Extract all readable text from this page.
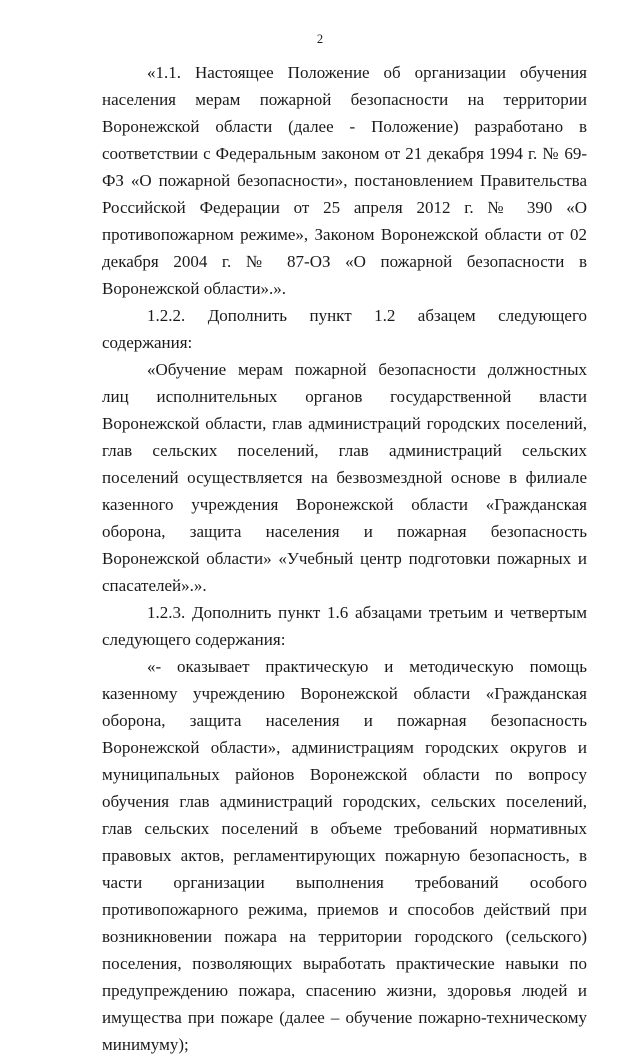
2

«1.1. Настоящее Положение об организации обучения населения мерам пожарной безопасности на территории Воронежской области (далее - Положение) разработано в соответствии с Федеральным законом от 21 декабря 1994 г. № 69-ФЗ «О пожарной безопасности», постановлением Правительства Российской Федерации от 25 апреля 2012 г. № 390 «О противопожарном режиме», Законом Воронежской области от 02 декабря 2004 г. № 87-ОЗ «О пожарной безопасности в Воронежской области».».

1.2.2. Дополнить пункт 1.2 абзацем следующего содержания:

«Обучение мерам пожарной безопасности должностных лиц исполнительных органов государственной власти Воронежской области, глав администраций городских поселений, глав сельских поселений, глав администраций сельских поселений осуществляется на безвозмездной основе в филиале казенного учреждения Воронежской области «Гражданская оборона, защита населения и пожарная безопасность Воронежской области» «Учебный центр подготовки пожарных и спасателей».».

1.2.3. Дополнить пункт 1.6 абзацами третьим и четвертым следующего содержания:

«- оказывает практическую и методическую помощь казенному учреждению Воронежской области «Гражданская оборона, защита населения и пожарная безопасность Воронежской области», администрациям городских округов и муниципальных районов Воронежской области по вопросу обучения глав администраций городских, сельских поселений, глав сельских поселений в объеме требований нормативных правовых актов, регламентирующих пожарную безопасность, в части организации выполнения требований особого противопожарного режима, приемов и способов действий при возникновении пожара на территории городского (сельского) поселения, позволяющих выработать практические навыки по предупреждению пожара, спасению жизни, здоровья людей и имущества при пожаре (далее – обучение пожарно-техническому минимуму);
